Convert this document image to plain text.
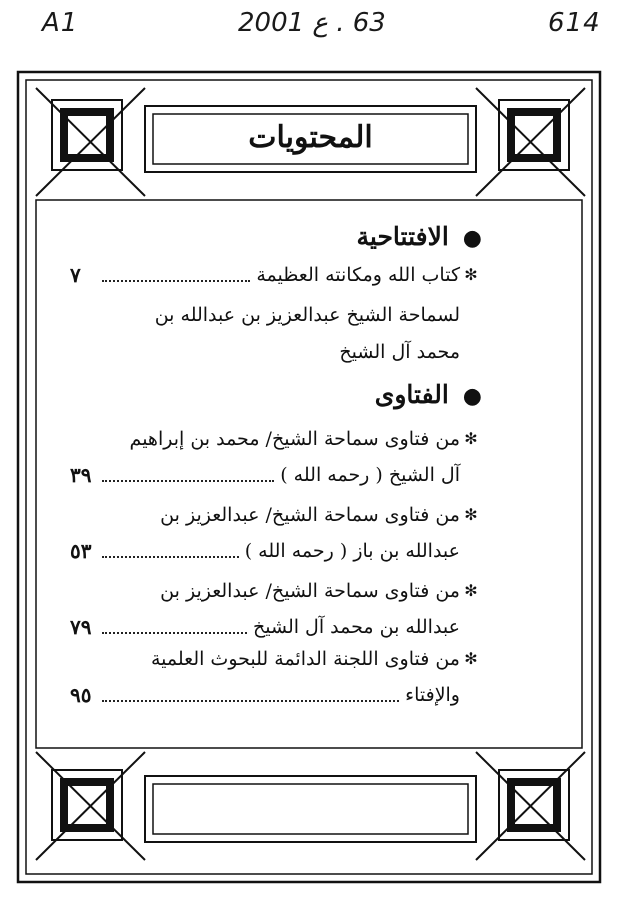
A1	63 . ع 2001	614
المحتويات
●الافتتاحية
✻
كتاب الله ومكانته العظيمة
٧
لسماحة الشيخ عبدالعزيز بن عبدالله بن
محمد آل الشيخ
●الفتاوى
✻
من فتاوى سماحة الشيخ/ محمد بن إبراهيم
آل الشيخ ( رحمه الله )
٣٩
✻
من فتاوى سماحة الشيخ/ عبدالعزيز بن
عبدالله بن باز ( رحمه الله )
٥٣
✻
من فتاوى سماحة الشيخ/ عبدالعزيز بن
عبدالله بن محمد آل الشيخ
٧٩
✻
من فتاوى اللجنة الدائمة للبحوث العلمية
والإفتاء
٩٥
